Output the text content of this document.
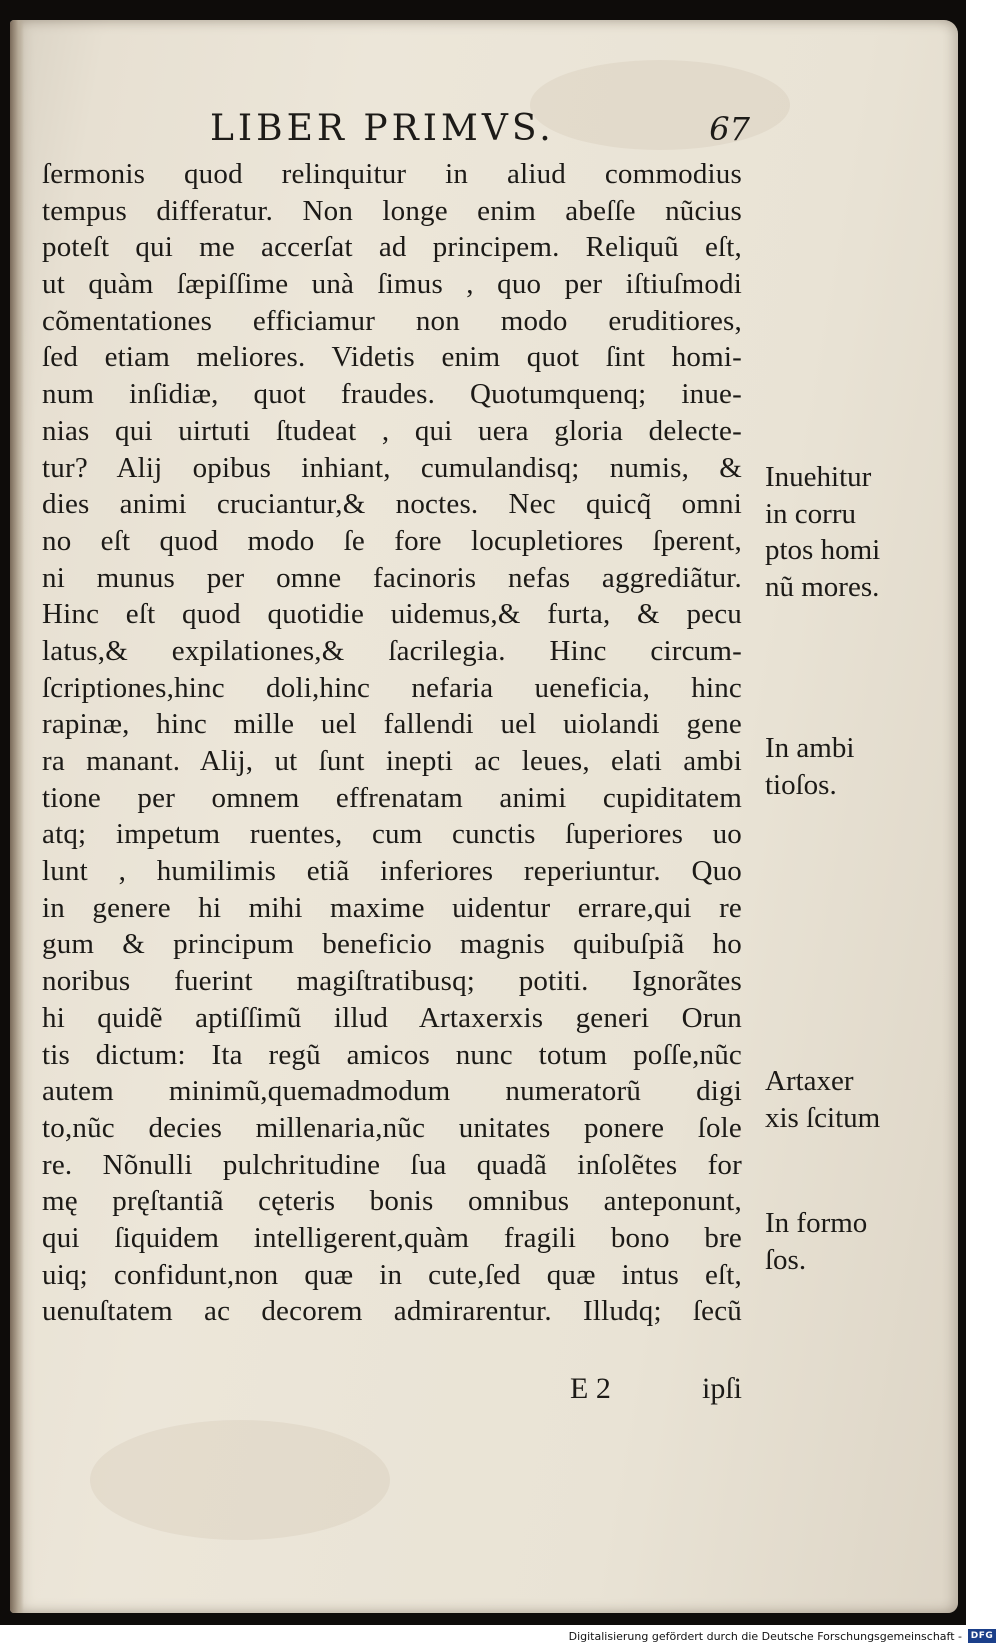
LIBER PRIMVS.	67
ſermonis quod relinquitur in aliud commodius
tempus differatur. Non longe enim abeſſe nũcius
poteſt qui me accerſat ad principem. Reliquũ eſt,
ut quàm ſæpiſſime unà ſimus , quo per iſtiuſmodi
cõmentationes efficiamur non modo eruditiores,
ſed etiam meliores. Videtis enim quot ſint homi-
num inſidiæ, quot fraudes. Quotumquenq; inue-
nias qui uirtuti ſtudeat , qui uera gloria delecte-
tur? Alij opibus inhiant, cumulandisq; numis, &
dies animi cruciantur,& noctes. Nec quicq̃ omni
no eſt quod modo ſe fore locupletiores ſperent,
ni munus per omne facinoris nefas aggrediãtur.
Hinc eſt quod quotidie uidemus,& furta, & pecu
latus,& expilationes,& ſacrilegia. Hinc circum-
ſcriptiones,hinc doli,hinc nefaria ueneficia, hinc
rapinæ, hinc mille uel fallendi uel uiolandi gene
ra manant. Alij, ut ſunt inepti ac leues, elati ambi
tione per omnem effrenatam animi cupiditatem
atq; impetum ruentes, cum cunctis ſuperiores uo
lunt , humilimis etiã inferiores reperiuntur. Quo
in genere hi mihi maxime uidentur errare,qui re
gum & principum beneficio magnis quibuſpiã ho
noribus fuerint magiſtratibusq; potiti. Ignorãtes
hi quidẽ aptiſſimũ illud Artaxerxis generi Orun
tis dictum: Ita regũ amicos nunc totum poſſe,nũc
autem minimũ,quemadmodum numeratorũ digi
to,nũc decies millenaria,nũc unitates ponere ſole
re. Nõnulli pulchritudine ſua quadã inſolẽtes for
mę pręſtantiã cęteris bonis omnibus anteponunt,
qui ſiquidem intelligerent,quàm fragili bono bre
uiq; confidunt,non quæ in cute,ſed quæ intus eſt,
uenuſtatem ac decorem admirarentur. Illudq; ſecũ
Inuehitur
in corru
ptos homi
nũ mores.
In ambi
tioſos.
Artaxer
xis ſcitum
In formo
ſos.
E 2	ipſi
Digitalisierung gefördert durch die Deutsche Forschungsgemeinschaft - DFG
